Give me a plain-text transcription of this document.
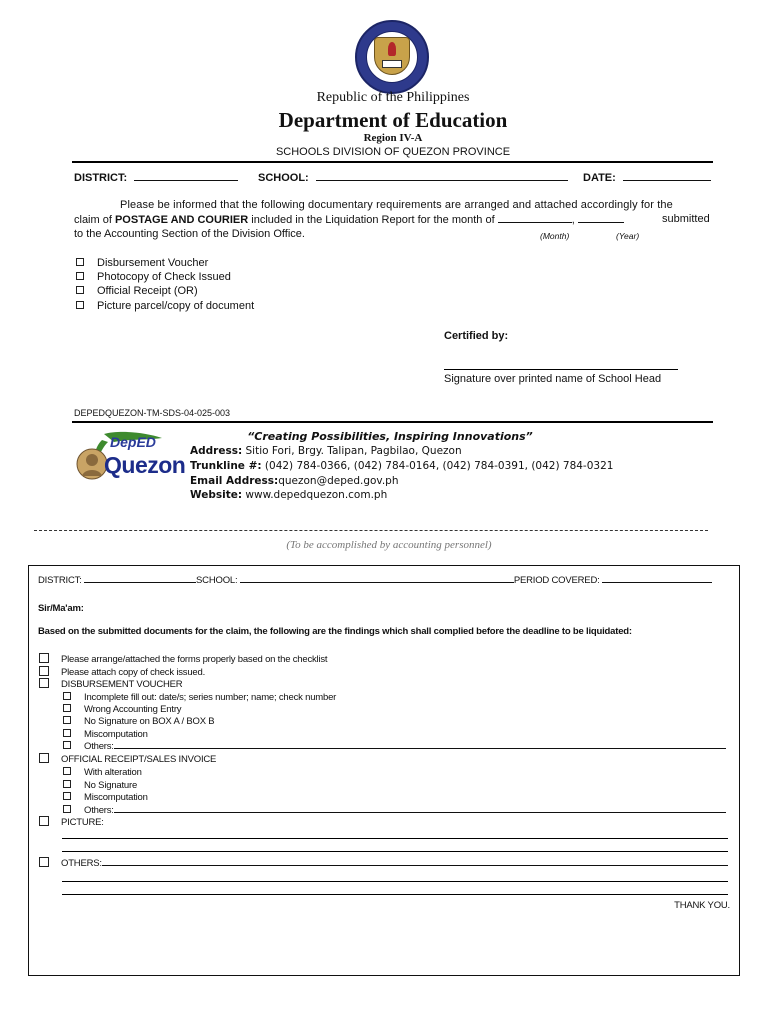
Republic of the Philippines
Department of Education
Region IV-A
SCHOOLS DIVISION OF QUEZON PROVINCE
DISTRICT:	SCHOOL:	DATE:
Please be informed that the following documentary requirements are arranged and attached accordingly for the
claim of POSTAGE AND COURIER included in the Liquidation Report for the month of	,	submitted
to the Accounting Section of the Division Office.	(Month)	(Year)
Disbursement Voucher
Photocopy of Check Issued
Official Receipt (OR)
Picture parcel/copy of document
Certified by:
Signature over printed name of School Head
DEPEDQUEZON-TM-SDS-04-025-003
DepED
Quezon
“Creating Possibilities, Inspiring Innovations”
Address: Sitio Fori, Brgy. Talipan, Pagbilao, Quezon
Trunkline #: (042) 784-0366, (042) 784-0164, (042) 784-0391, (042) 784-0321
Email Address:quezon@deped.gov.ph
Website: www.depedquezon.com.ph
(To be accomplished by accounting personnel)
DISTRICT:	SCHOOL:	PERIOD COVERED:
Sir/Ma'am:
Based on the submitted documents for the claim, the following are the findings which shall complied before the deadline to be liquidated:
Please arrange/attached the forms properly based on the checklist
Please attach copy of check issued.
DISBURSEMENT VOUCHER
Incomplete fill out: date/s; series number; name; check number
Wrong Accounting Entry
No Signature on BOX A / BOX B
Miscomputation
Others:
OFFICIAL RECEIPT/SALES INVOICE
With alteration
No Signature
Miscomputation
Others:
PICTURE:
OTHERS:
THANK YOU.
